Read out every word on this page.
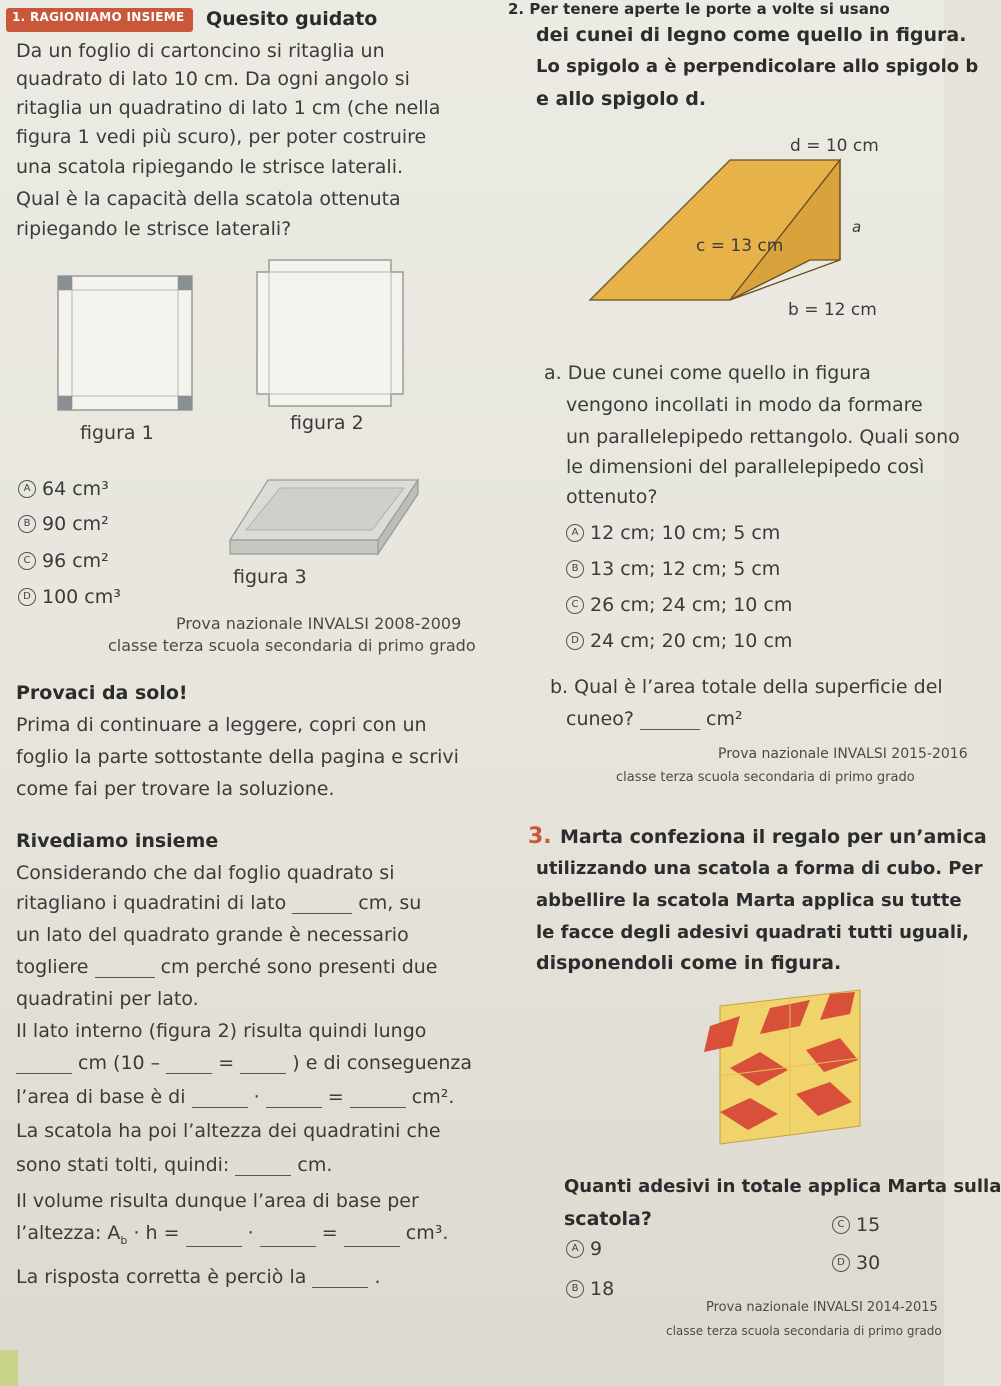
1. RAGIONIAMO INSIEME	Quesito guidato
Da un foglio di cartoncino si ritaglia un
quadrato di lato 10 cm. Da ogni angolo si
ritaglia un quadratino di lato 1 cm (che nella
figura 1 vedi più scuro), per poter costruire
una scatola ripiegando le strisce laterali.
Qual è la capacità della scatola ottenuta
ripiegando le strisce laterali?
figura 1	figura 2
figura 3
A 64 cm³
B 90 cm²
C 96 cm²
D 100 cm³
Prova nazionale INVALSI 2008-2009
classe terza scuola secondaria di primo grado
Provaci da solo!
Prima di continuare a leggere, copri con un
foglio la parte sottostante della pagina e scrivi
come fai per trovare la soluzione.
Rivediamo insieme
Considerando che dal foglio quadrato si
ritagliano i quadratini di lato	cm, su
un lato del quadrato grande è necessario
togliere	cm perché sono presenti due
quadratini per lato.
Il lato interno (figura 2) risulta quindi lungo
cm (10 –	=	) e di conseguenza
l’area di base è di	·	=	cm².
La scatola ha poi l’altezza dei quadratini che
sono stati tolti, quindi:	cm.
Il volume risulta dunque l’area di base per
l’altezza: $A_b \cdot h$ =	·	=	cm³.
La risposta corretta è perciò la	.
2. Per tenere aperte le porte a volte si usano
dei cunei di legno come quello in figura.
Lo spigolo a è perpendicolare allo spigolo b
e allo spigolo d.
d = 10 cm
c = 13 cm
a
b = 12 cm
a. Due cunei come quello in figura
vengono incollati in modo da formare
un parallelepipedo rettangolo. Quali sono
le dimensioni del parallelepipedo così
ottenuto?
A 12 cm; 10 cm; 5 cm
B 13 cm; 12 cm; 5 cm
C 26 cm; 24 cm; 10 cm
D 24 cm; 20 cm; 10 cm
b. Qual è l’area totale della superficie del
cuneo?	cm²
Prova nazionale INVALSI 2015-2016
classe terza scuola secondaria di primo grado
3. Marta confeziona il regalo per un’amica
utilizzando una scatola a forma di cubo. Per
abbellire la scatola Marta applica su tutte
le facce degli adesivi quadrati tutti uguali,
disponendoli come in figura.
Quanti adesivi in totale applica Marta sulla
scatola?
A 9
B 18
C 15
D 30
Prova nazionale INVALSI 2014-2015
classe terza scuola secondaria di primo grado
